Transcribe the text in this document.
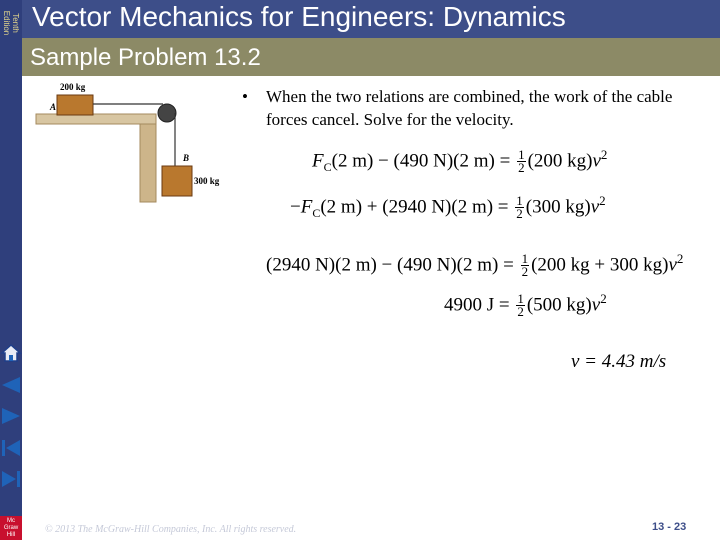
Tenth
Edition Vector Mechanics for Engineers: Dynamics
Sample Problem 13.2
200 kg
A
B
300 kg
• When the two relations are combined, the work of the cable forces cancel. Solve for the velocity.
$F_C(2$ m) − (490 N)(2 $m) = \frac{1}{2} (200$ $kg)v^2$
$-F_C(2$ m) + (2940 N)(2 $m) = \frac{1}{2} (300$ $kg)v^2$
(2940 N)(2 m) − (490 N)(2 $m) = \frac{1}{2} (200$ kg + 300 $kg)v^2$
4900 $J = \frac{1}{2} (500$ $kg)v^2$
v = 4.43 m/s
© 2013 The McGraw-Hill Companies, Inc. All rights reserved.	13 - 23
Mc
Graw
Hill
